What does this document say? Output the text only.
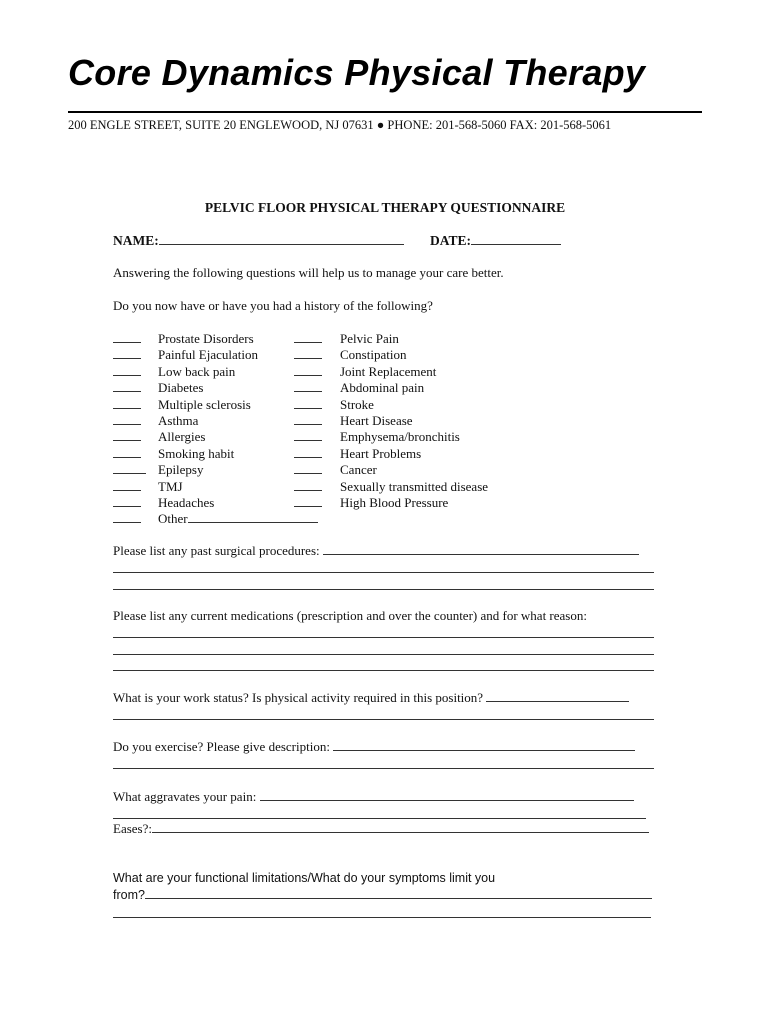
Core Dynamics Physical Therapy
200 ENGLE STREET, SUITE 20 ENGLEWOOD, NJ 07631 ● PHONE: 201-568-5060 FAX: 201-568-5061
PELVIC FLOOR PHYSICAL THERAPY QUESTIONNAIRE
NAME:	DATE:
Answering the following questions will help us to manage your care better.
Do you now have or have you had a history of the following?
Prostate Disorders
Painful Ejaculation
Low back pain
Diabetes
Multiple sclerosis
Asthma
Allergies
Smoking habit
Epilepsy
TMJ
Headaches
Other
Pelvic Pain
Constipation
Joint Replacement
Abdominal pain
Stroke
Heart Disease
Emphysema/bronchitis
Heart Problems
Cancer
Sexually transmitted disease
High Blood Pressure
Please list any past surgical procedures:
Please list any current medications (prescription and over the counter) and for what reason:
What is your work status? Is physical activity required in this position?
Do you exercise? Please give description:
What aggravates your pain:
Eases?:
What are your functional limitations/What do your symptoms limit you
from?
